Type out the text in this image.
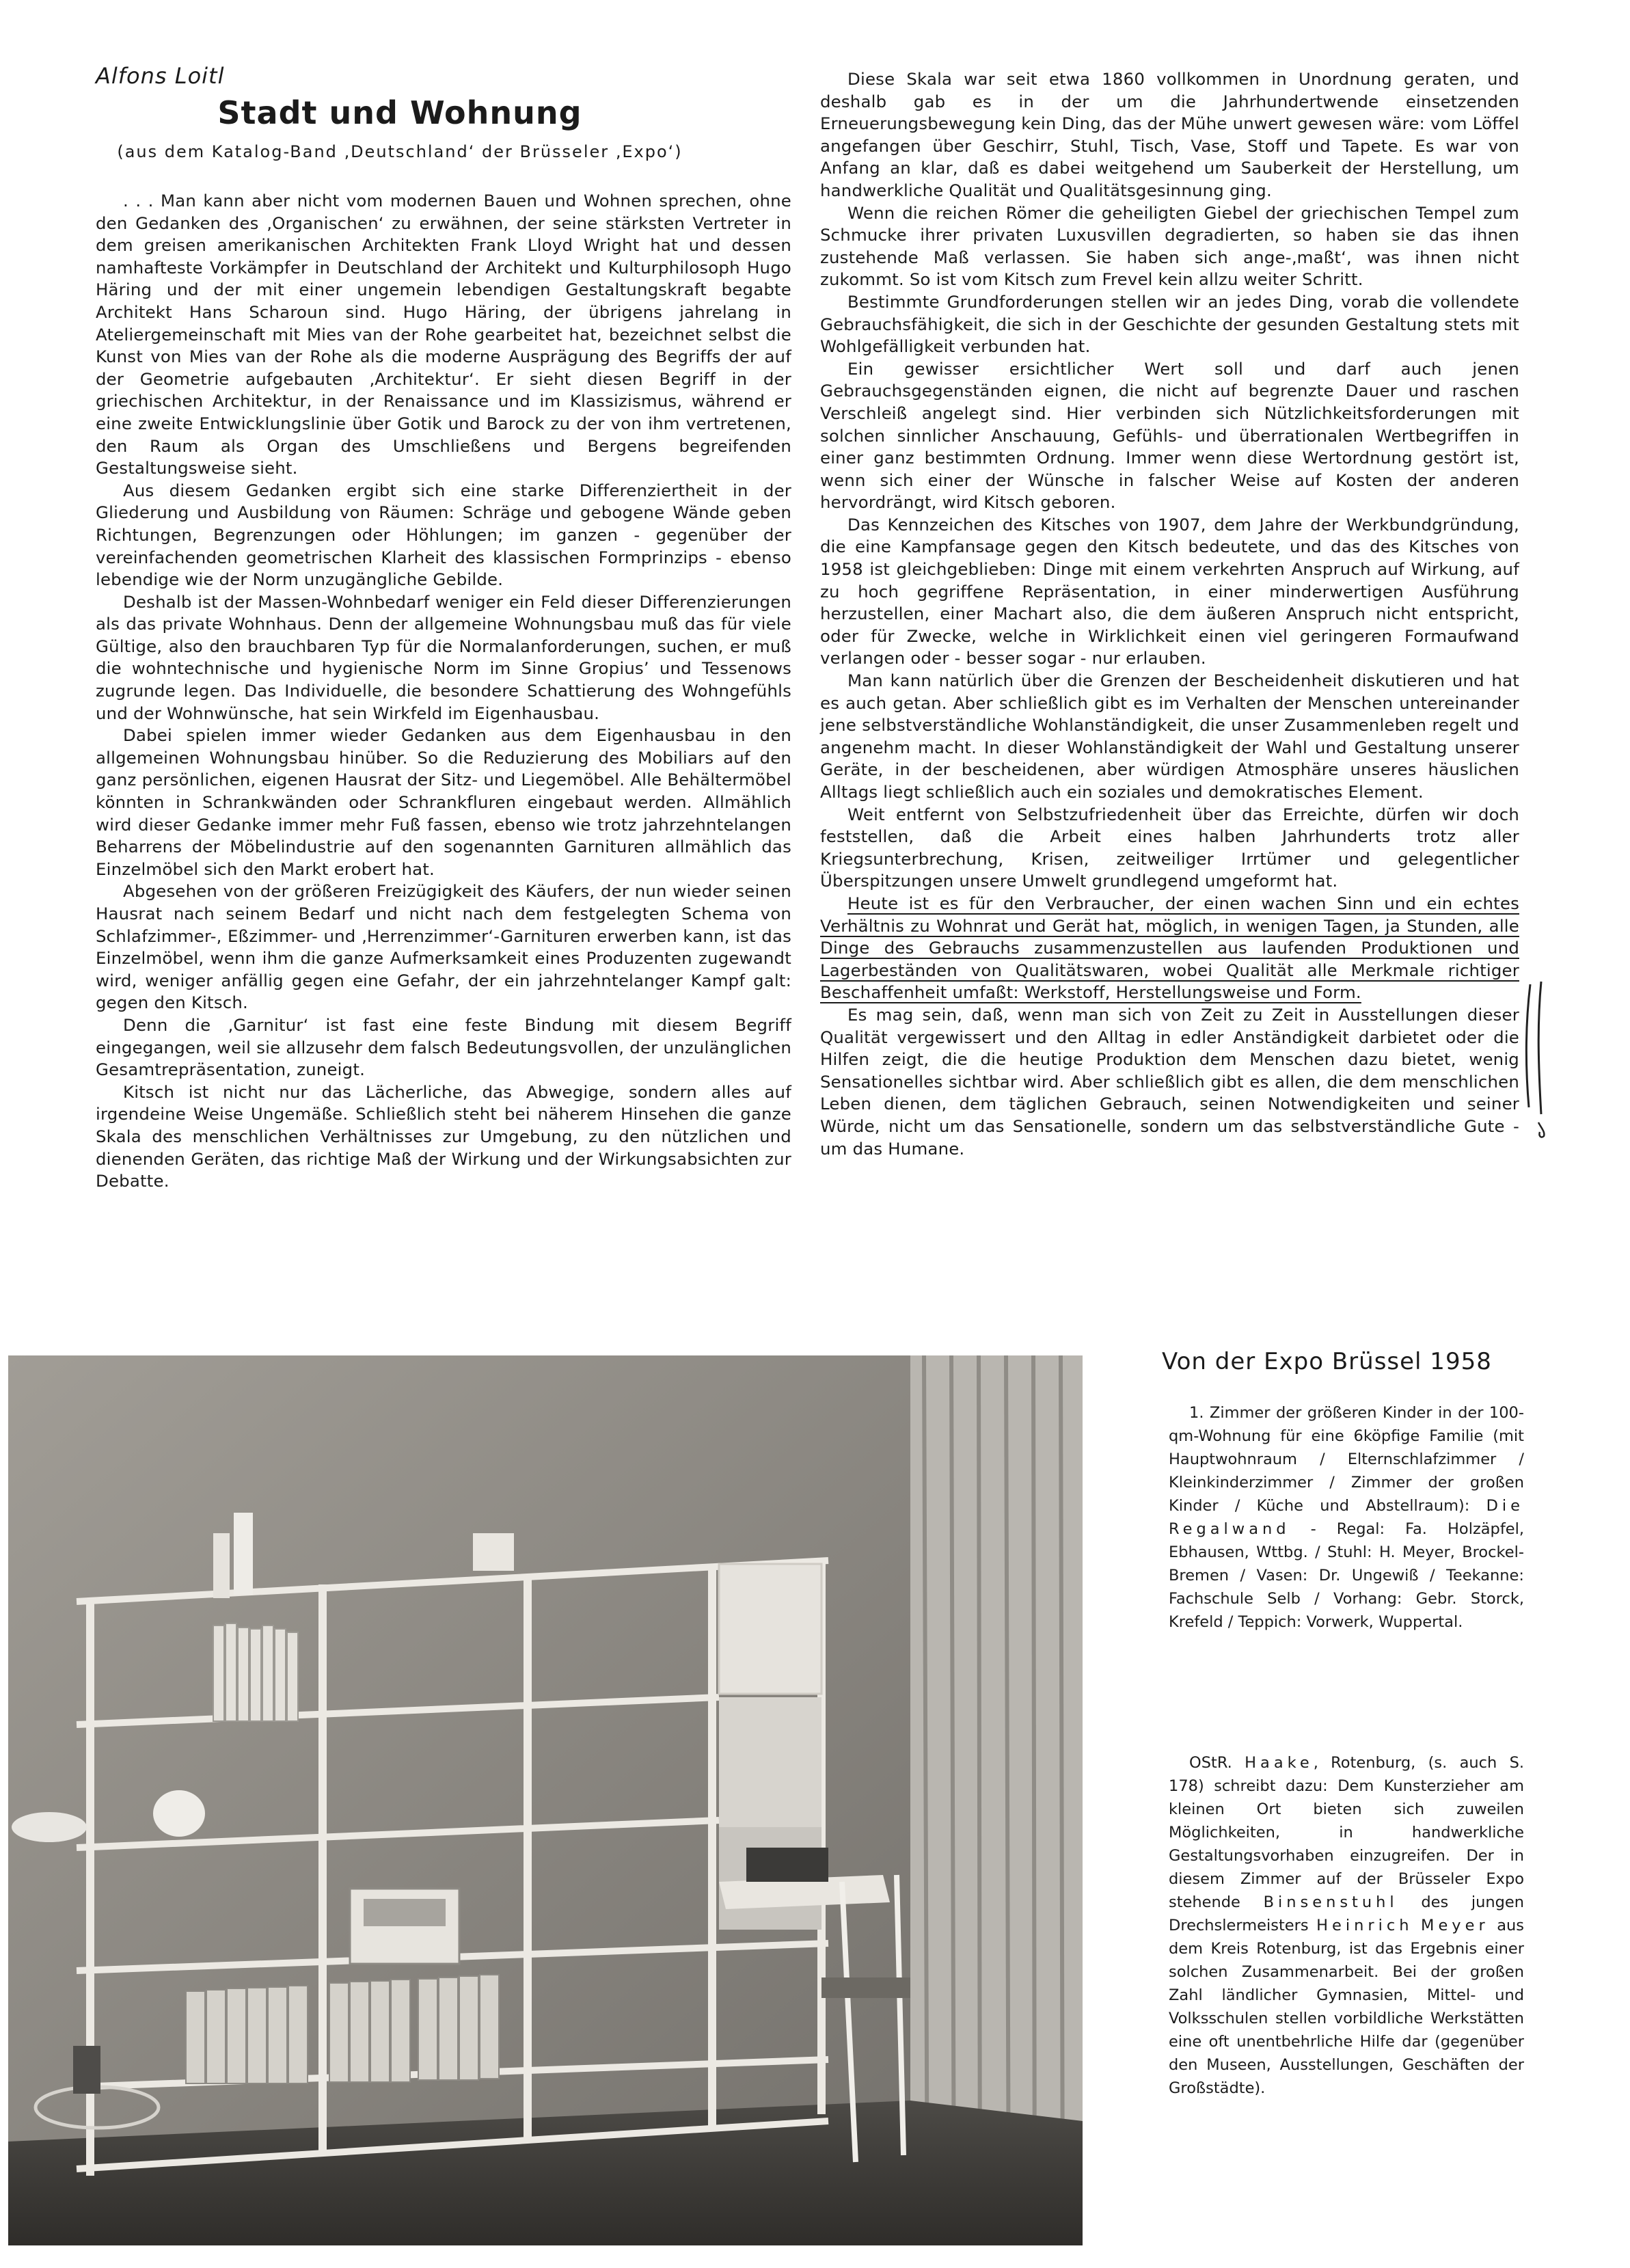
Alfons Loitl
Stadt und Wohnung
(aus dem Katalog-Band ‚Deutschland‘ der Brüsseler ‚Expo‘)

. . . Man kann aber nicht vom modernen Bauen und Wohnen sprechen, ohne den Gedanken des ‚Organischen‘ zu erwähnen, der seine stärksten Vertreter in dem greisen amerikanischen Architekten Frank Lloyd Wright hat und dessen namhafteste Vorkämpfer in Deutschland der Architekt und Kulturphilosoph Hugo Häring und der mit einer ungemein lebendigen Gestaltungskraft begabte Architekt Hans Scharoun sind. Hugo Häring, der übrigens jahrelang in Ateliergemeinschaft mit Mies van der Rohe gearbeitet hat, bezeichnet selbst die Kunst von Mies van der Rohe als die moderne Ausprägung des Begriffs der auf der Geometrie aufgebauten ‚Architektur‘. Er sieht diesen Begriff in der griechischen Architektur, in der Renaissance und im Klassizismus, während er eine zweite Entwicklungslinie über Gotik und Barock zu der von ihm vertretenen, den Raum als Organ des Umschließens und Bergens begreifenden Gestaltungsweise sieht.

Aus diesem Gedanken ergibt sich eine starke Differenziertheit in der Gliederung und Ausbildung von Räumen: Schräge und gebogene Wände geben Richtungen, Begrenzungen oder Höhlungen; im ganzen - gegenüber der vereinfachenden geometrischen Klarheit des klassischen Formprinzips - ebenso lebendige wie der Norm unzugängliche Gebilde.

Deshalb ist der Massen-Wohnbedarf weniger ein Feld dieser Differenzierungen als das private Wohnhaus. Denn der allgemeine Wohnungsbau muß das für viele Gültige, also den brauchbaren Typ für die Normalanforderungen, suchen, er muß die wohntechnische und hygienische Norm im Sinne Gropius’ und Tessenows zugrunde legen. Das Individuelle, die besondere Schattierung des Wohngefühls und der Wohnwünsche, hat sein Wirkfeld im Eigenhausbau.

Dabei spielen immer wieder Gedanken aus dem Eigenhausbau in den allgemeinen Wohnungsbau hinüber. So die Reduzierung des Mobiliars auf den ganz persönlichen, eigenen Hausrat der Sitz- und Liegemöbel. Alle Behältermöbel könnten in Schrankwänden oder Schrankfluren eingebaut werden. Allmählich wird dieser Gedanke immer mehr Fuß fassen, ebenso wie trotz jahrzehntelangen Beharrens der Möbelindustrie auf den sogenannten Garnituren allmählich das Einzelmöbel sich den Markt erobert hat.

Abgesehen von der größeren Freizügigkeit des Käufers, der nun wieder seinen Hausrat nach seinem Bedarf und nicht nach dem festgelegten Schema von Schlafzimmer-, Eßzimmer- und ‚Herrenzimmer‘-Garnituren erwerben kann, ist das Einzelmöbel, wenn ihm die ganze Aufmerksamkeit eines Produzenten zugewandt wird, weniger anfällig gegen eine Gefahr, der ein jahrzehntelanger Kampf galt: gegen den Kitsch.

Denn die ‚Garnitur‘ ist fast eine feste Bindung mit diesem Begriff eingegangen, weil sie allzusehr dem falsch Bedeutungsvollen, der unzulänglichen Gesamtrepräsentation, zuneigt.

Kitsch ist nicht nur das Lächerliche, das Abwegige, sondern alles auf irgendeine Weise Ungemäße. Schließlich steht bei näherem Hinsehen die ganze Skala des menschlichen Verhältnisses zur Umgebung, zu den nützlichen und dienenden Geräten, das richtige Maß der Wirkung und der Wirkungsabsichten zur Debatte.

Diese Skala war seit etwa 1860 vollkommen in Unordnung geraten, und deshalb gab es in der um die Jahrhundertwende einsetzenden Erneuerungsbewegung kein Ding, das der Mühe unwert gewesen wäre: vom Löffel angefangen über Geschirr, Stuhl, Tisch, Vase, Stoff und Tapete. Es war von Anfang an klar, daß es dabei weitgehend um Sauberkeit der Herstellung, um handwerkliche Qualität und Qualitätsgesinnung ging.

Wenn die reichen Römer die geheiligten Giebel der griechischen Tempel zum Schmucke ihrer privaten Luxusvillen degradierten, so haben sie das ihnen zustehende Maß verlassen. Sie haben sich ange-‚maßt‘, was ihnen nicht zukommt. So ist vom Kitsch zum Frevel kein allzu weiter Schritt.

Bestimmte Grundforderungen stellen wir an jedes Ding, vorab die vollendete Gebrauchsfähigkeit, die sich in der Geschichte der gesunden Gestaltung stets mit Wohlgefälligkeit verbunden hat.

Ein gewisser ersichtlicher Wert soll und darf auch jenen Gebrauchsgegenständen eignen, die nicht auf begrenzte Dauer und raschen Verschleiß angelegt sind. Hier verbinden sich Nützlichkeitsforderungen mit solchen sinnlicher Anschauung, Gefühls- und überrationalen Wertbegriffen in einer ganz bestimmten Ordnung. Immer wenn diese Wertordnung gestört ist, wenn sich einer der Wünsche in falscher Weise auf Kosten der anderen hervordrängt, wird Kitsch geboren.

Das Kennzeichen des Kitsches von 1907, dem Jahre der Werkbundgründung, die eine Kampfansage gegen den Kitsch bedeutete, und das des Kitsches von 1958 ist gleichgeblieben: Dinge mit einem verkehrten Anspruch auf Wirkung, auf zu hoch gegriffene Repräsentation, in einer minderwertigen Ausführung herzustellen, einer Machart also, die dem äußeren Anspruch nicht entspricht, oder für Zwecke, welche in Wirklichkeit einen viel geringeren Formaufwand verlangen oder - besser sogar - nur erlauben.

Man kann natürlich über die Grenzen der Bescheidenheit diskutieren und hat es auch getan. Aber schließlich gibt es im Verhalten der Menschen untereinander jene selbstverständliche Wohlanständigkeit, die unser Zusammenleben regelt und angenehm macht. In dieser Wohlanständigkeit der Wahl und Gestaltung unserer Geräte, in der bescheidenen, aber würdigen Atmosphäre unseres häuslichen Alltags liegt schließlich auch ein soziales und demokratisches Element.

Weit entfernt von Selbstzufriedenheit über das Erreichte, dürfen wir doch feststellen, daß die Arbeit eines halben Jahrhunderts trotz aller Kriegsunterbrechung, Krisen, zeitweiliger Irrtümer und gelegentlicher Überspitzungen unsere Umwelt grundlegend umgeformt hat.

Heute ist es für den Verbraucher, der einen wachen Sinn und ein echtes Verhältnis zu Wohnrat und Gerät hat, möglich, in wenigen Tagen, ja Stunden, alle Dinge des Gebrauchs zusammenzustellen aus laufenden Produktionen und Lagerbeständen von Qualitätswaren, wobei Qualität alle Merkmale richtiger Beschaffenheit umfaßt: Werkstoff, Herstellungsweise und Form.

Es mag sein, daß, wenn man sich von Zeit zu Zeit in Ausstellungen dieser Qualität vergewissert und den Alltag in edler Anständigkeit darbietet oder die Hilfen zeigt, die die heutige Produktion dem Menschen dazu bietet, wenig Sensationelles sichtbar wird. Aber schließlich gibt es allen, die dem menschlichen Leben dienen, dem täglichen Gebrauch, seinen Notwendigkeiten und seiner Würde, nicht um das Sensationelle, sondern um das selbstverständliche Gute - um das Humane.

Von der Expo Brüssel 1958

1. Zimmer der größeren Kinder in der 100-qm-Wohnung für eine 6köpfige Familie (mit Hauptwohnraum / Elternschlafzimmer / Kleinkinderzimmer / Zimmer der großen Kinder / Küche und Abstellraum): Die Regalwand - Regal: Fa. Holzäpfel, Ebhausen, Wttbg. / Stuhl: H. Meyer, Brockel-Bremen / Vasen: Dr. Ungewiß / Teekanne: Fachschule Selb / Vorhang: Gebr. Storck, Krefeld / Teppich: Vorwerk, Wuppertal.

OStR. Haake, Rotenburg, (s. auch S. 178) schreibt dazu: Dem Kunsterzieher am kleinen Ort bieten sich zuweilen Möglichkeiten, in handwerkliche Gestaltungsvorhaben einzugreifen. Der in diesem Zimmer auf der Brüsseler Expo stehende Binsenstuhl des jungen Drechslermeisters Heinrich Meyer aus dem Kreis Rotenburg, ist das Ergebnis einer solchen Zusammenarbeit. Bei der großen Zahl ländlicher Gymnasien, Mittel- und Volksschulen stellen vorbildliche Werkstätten eine oft unentbehrliche Hilfe dar (gegenüber den Museen, Ausstellungen, Geschäften der Großstädte).
